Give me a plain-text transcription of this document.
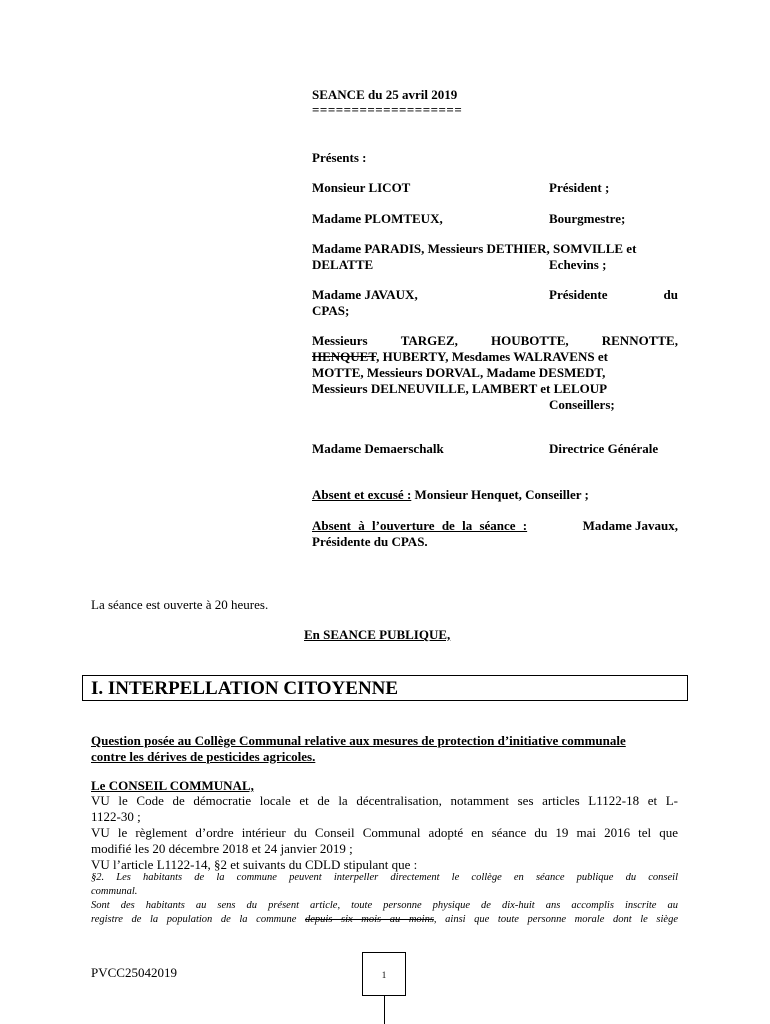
SEANCE du 25 avril 2019
===================
Présents :
Monsieur LICOT	Président ;
Madame PLOMTEUX,	Bourgmestre;
Madame PARADIS, Messieurs DETHIER, SOMVILLE et
DELATTE	Echevins ;
Madame JAVAUX,	Présidente	du
CPAS;
Messieurs	TARGEZ,	HOUBOTTE,	RENNOTTE,
HENQUET, HUBERTY, Mesdames WALRAVENS et
MOTTE, Messieurs DORVAL, Madame DESMEDT,
Messieurs DELNEUVILLE, LAMBERT et LELOUP
Conseillers;
Madame Demaerschalk	Directrice Générale
Absent et excusé : Monsieur Henquet, Conseiller ;
Absent à l’ouverture de la séance :	Madame Javaux,
Présidente du CPAS.
La séance est ouverte à 20 heures.
En SEANCE PUBLIQUE,
I. INTERPELLATION CITOYENNE
Question posée au Collège Communal relative aux mesures de protection d’initiative communale
contre les dérives de pesticides agricoles.
Le CONSEIL COMMUNAL,
VU le Code de démocratie locale et de la décentralisation, notamment ses articles L1122-18 et L-
1122-30 ;
VU le règlement d’ordre intérieur du Conseil Communal adopté en séance du 19 mai 2016 tel que
modifié les 20 décembre 2018 et 24 janvier 2019 ;
VU l’article L1122-14, §2 et suivants du CDLD stipulant que :
§2. Les habitants de la commune peuvent interpeller directement le collège en séance publique du conseil
communal.
Sont des habitants au sens du présent article, toute personne physique de dix-huit ans accomplis inscrite au
registre de la population de la commune depuis six mois au moins, ainsi que toute personne morale dont le siège
PVCC25042019	1
